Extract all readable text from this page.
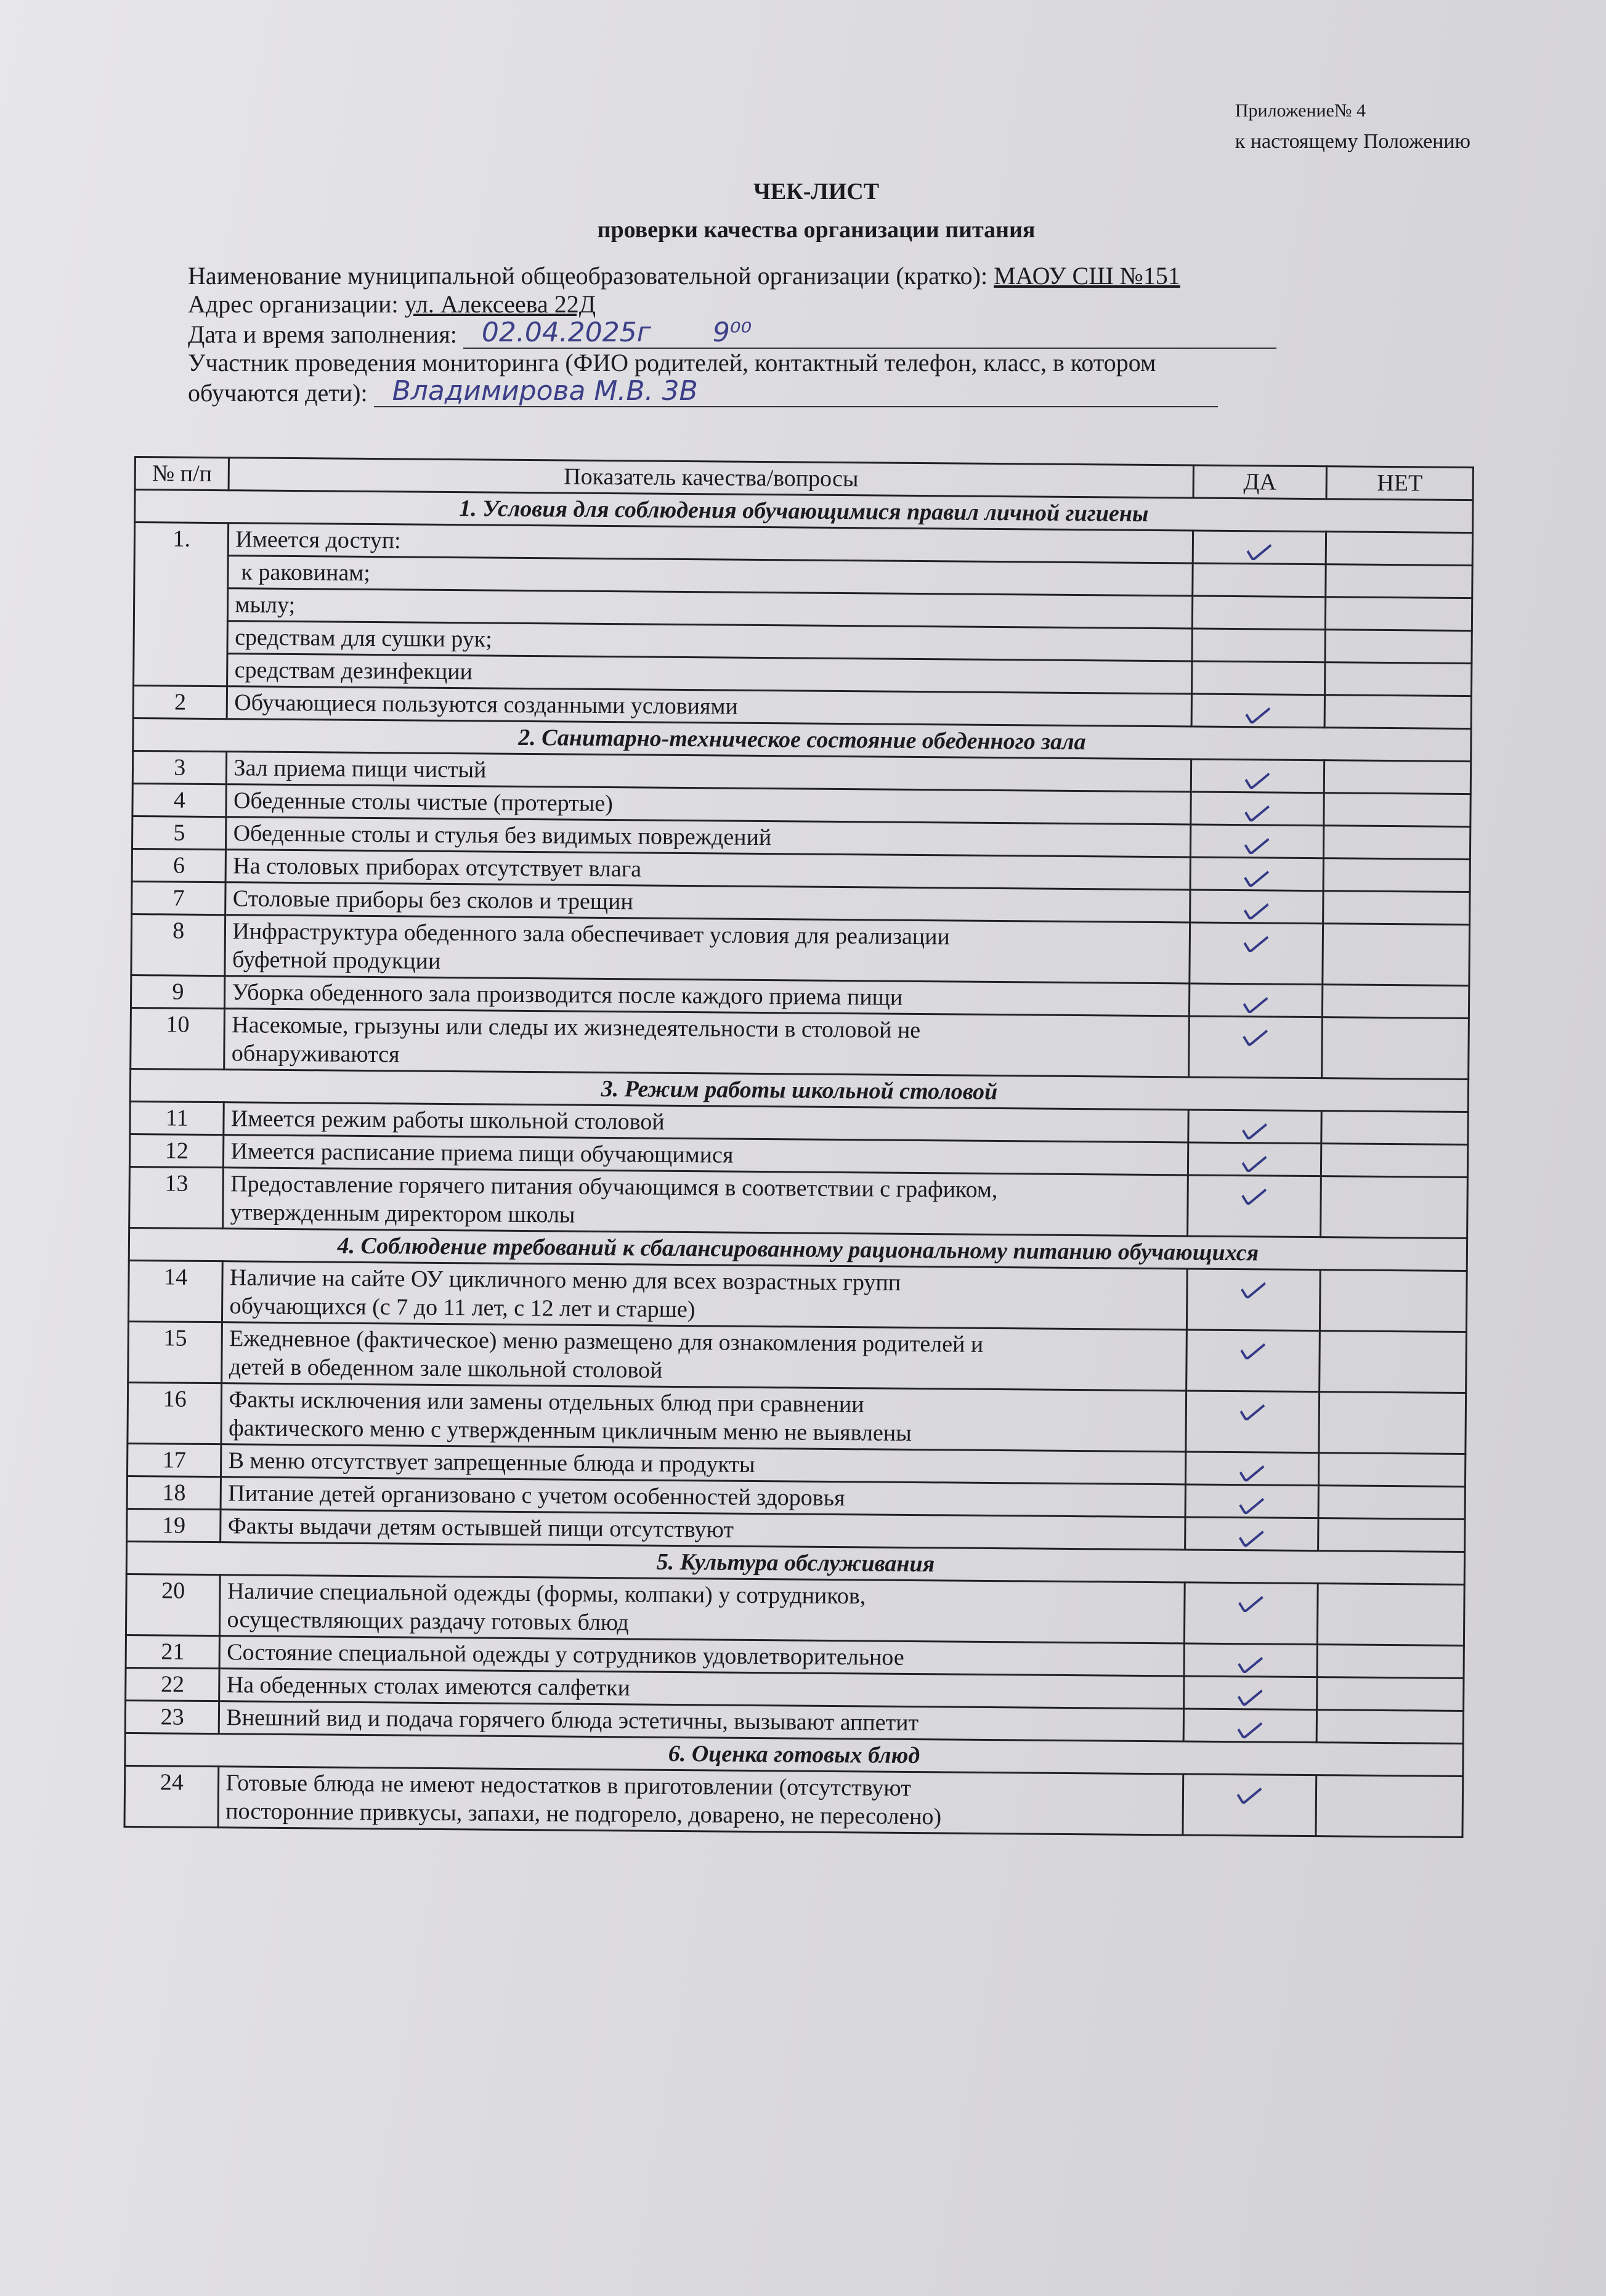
Приложение№ 4
к настоящему Положению
ЧЕК-ЛИСТ
проверки качества организации питания
Наименование муниципальной общеобразовательной организации (кратко): МАОУ СШ №151
Адрес организации: ул. Алексеева 22Д
Дата и время заполнения: 02.04.2025г 9⁰⁰
Участник проведения мониторинга (ФИО родителей, контактный телефон, класс, в котором
обучаются дети): Владимирова М.В. 3В
№ п/п	Показатель качества/вопросы	ДА	НЕТ
1. Условия для соблюдения обучающимися правил личной гигиены			
1.	Имеется доступ:		

	к раковинам;		

	мылу;		

	средствам для сушки рук;		

	средствам дезинфекции		

2	Обучающиеся пользуются созданными условиями		

2. Санитарно-техническое состояние обеденного зала			
3	Зал приема пищи чистый		

4	Обеденные столы чистые (протертые)		

5	Обеденные столы и стулья без видимых повреждений		

6	На столовых приборах отсутствует влага		

7	Столовые приборы без сколов и трещин		

8	Инфраструктура обеденного зала обеспечивает условия для реализации
буфетной продукции		

9	Уборка обеденного зала производится после каждого приема пищи		

10	Насекомые, грызуны или следы их жизнедеятельности в столовой не
обнаруживаются		

3. Режим работы школьной столовой			
11	Имеется режим работы школьной столовой		

12	Имеется расписание приема пищи обучающимися		

13	Предоставление горячего питания обучающимся в соответствии с графиком,
утвержденным директором школы		

4. Соблюдение требований к сбалансированному рациональному питанию обучающихся			
14	Наличие на сайте ОУ цикличного меню для всех возрастных групп
обучающихся (с 7 до 11 лет, с 12 лет и старше)		

15	Ежедневное (фактическое) меню размещено для ознакомления родителей и
детей в обеденном зале школьной столовой		

16	Факты исключения или замены отдельных блюд при сравнении
фактического меню с утвержденным цикличным меню не выявлены		

17	В меню отсутствует запрещенные блюда и продукты		

18	Питание детей организовано с учетом особенностей здоровья		

19	Факты выдачи детям остывшей пищи отсутствуют		

5. Культура обслуживания			
20	Наличие специальной одежды (формы, колпаки) у сотрудников,
осуществляющих раздачу готовых блюд		

21	Состояние специальной одежды у сотрудников удовлетворительное		

22	На обеденных столах имеются салфетки		

23	Внешний вид и подача горячего блюда эстетичны, вызывают аппетит		

6. Оценка готовых блюд			
24	Готовые блюда не имеют недостатков в приготовлении (отсутствуют
посторонние привкусы, запахи, не подгорело, доварено, не пересолено)		
